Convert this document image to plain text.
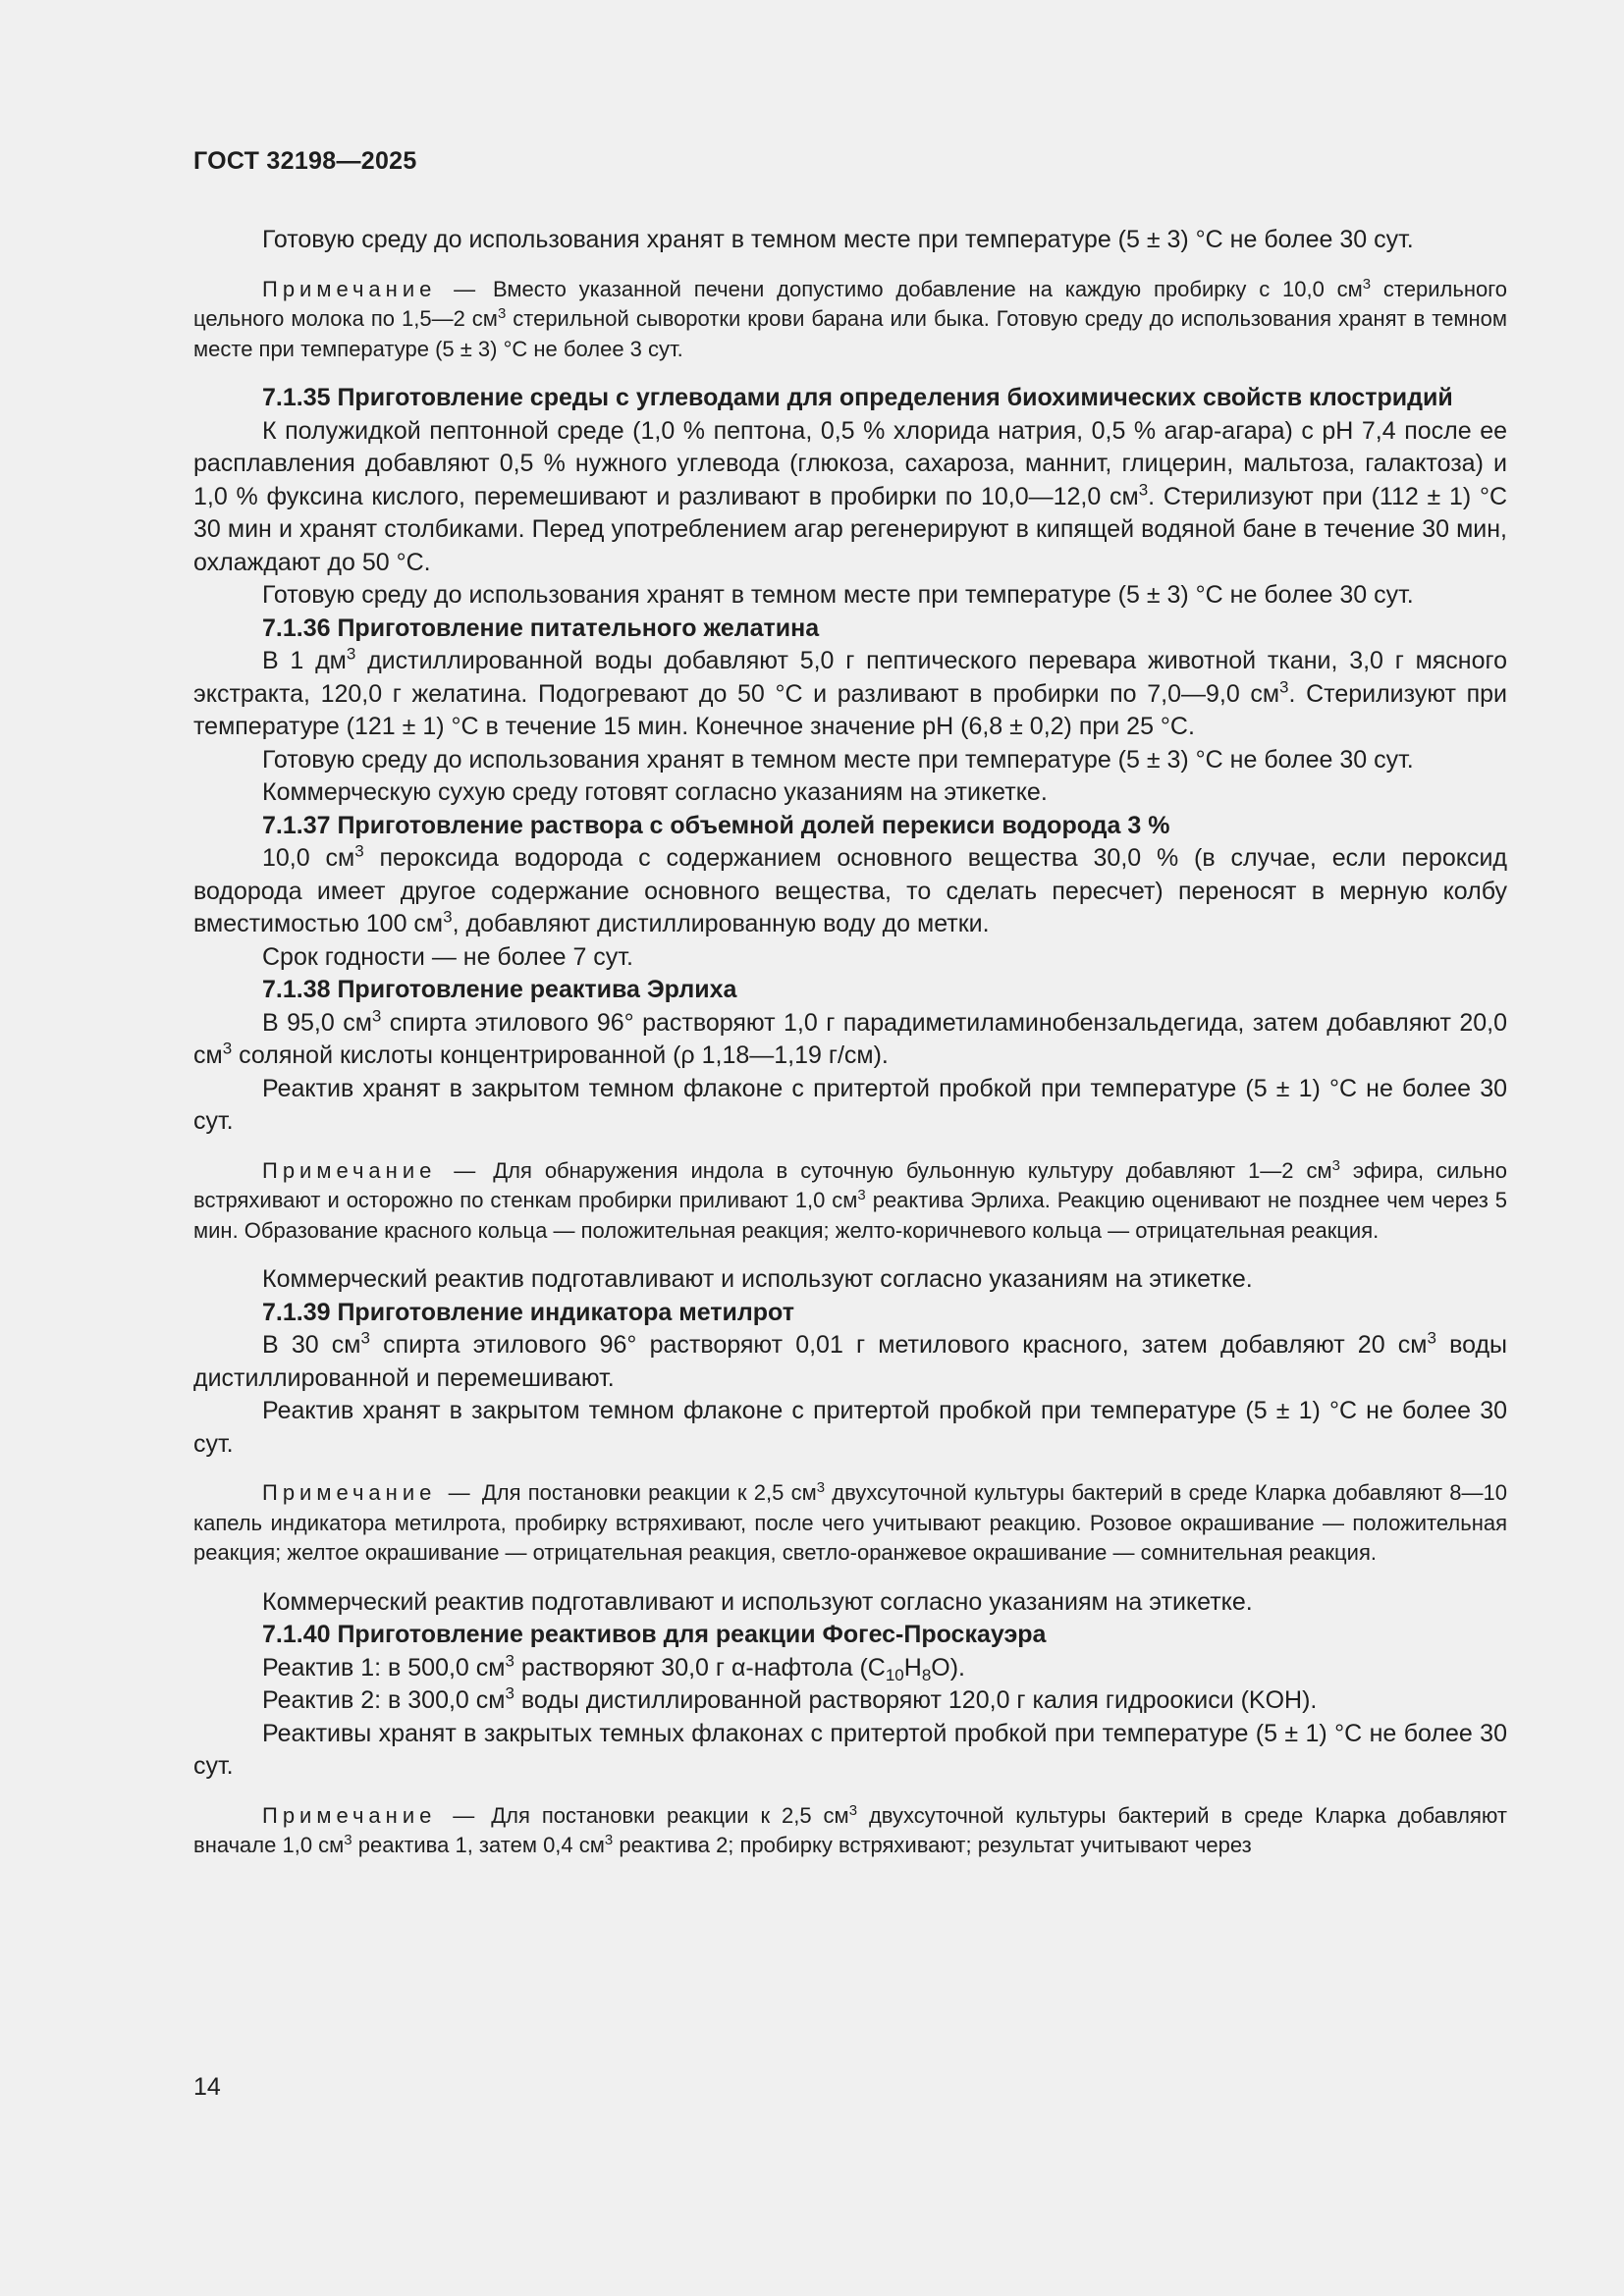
ГОСТ 32198—2025

Готовую среду до использования хранят в темном месте при температуре (5 ± 3) °С не более 30 сут.

Примечание — Вместо указанной печени допустимо добавление на каждую пробирку с 10,0 $см^3$ стерильного цельного молока по 1,5—2 $см^3$ стерильной сыворотки крови барана или быка. Готовую среду до использования хранят в темном месте при температуре (5 ± 3) °С не более 3 сут.

7.1.35 Приготовление среды с углеводами для определения биохимических свойств клостридий

К полужидкой пептонной среде (1,0 % пептона, 0,5 % хлорида натрия, 0,5 % агар-агара) с рН 7,4 после ее расплавления добавляют 0,5 % нужного углевода (глюкоза, сахароза, маннит, глицерин, мальтоза, галактоза) и 1,0 % фуксина кислого, перемешивают и разливают в пробирки по 10,0—12,0 $см^3$. Стерилизуют при (112 ± 1) °С 30 мин и хранят столбиками. Перед употреблением агар регенерируют в кипящей водяной бане в течение 30 мин, охлаждают до 50 °С.

Готовую среду до использования хранят в темном месте при температуре (5 ± 3) °С не более 30 сут.

7.1.36 Приготовление питательного желатина

В 1 $дм^3$ дистиллированной воды добавляют 5,0 г пептического перевара животной ткани, 3,0 г мясного экстракта, 120,0 г желатина. Подогревают до 50 °С и разливают в пробирки по 7,0—9,0 $см^3$. Стерилизуют при температуре (121 ± 1) °С в течение 15 мин. Конечное значение рН (6,8 ± 0,2) при 25 °С.

Готовую среду до использования хранят в темном месте при температуре (5 ± 3) °С не более 30 сут.

Коммерческую сухую среду готовят согласно указаниям на этикетке.

7.1.37 Приготовление раствора с объемной долей перекиси водорода 3 %

10,0 $см^3$ пероксида водорода с содержанием основного вещества 30,0 % (в случае, если пероксид водорода имеет другое содержание основного вещества, то сделать пересчет) переносят в мерную колбу вместимостью 100 $см^3$, добавляют дистиллированную воду до метки.

Срок годности — не более 7 сут.

7.1.38 Приготовление реактива Эрлиха

В 95,0 $см^3$ спирта этилового 96° растворяют 1,0 г парадиметиламинобензальдегида, затем добавляют 20,0 $см^3$ соляной кислоты концентрированной (ρ 1,18—1,19 г/см).

Реактив хранят в закрытом темном флаконе с притертой пробкой при температуре (5 ± 1) °С не более 30 сут.

Примечание — Для обнаружения индола в суточную бульонную культуру добавляют 1—2 $см^3$ эфира, сильно встряхивают и осторожно по стенкам пробирки приливают 1,0 $см^3$ реактива Эрлиха. Реакцию оценивают не позднее чем через 5 мин. Образование красного кольца — положительная реакция; желто-коричневого кольца — отрицательная реакция.

Коммерческий реактив подготавливают и используют согласно указаниям на этикетке.

7.1.39 Приготовление индикатора метилрот

В 30 $см^3$ спирта этилового 96° растворяют 0,01 г метилового красного, затем добавляют 20 $см^3$ воды дистиллированной и перемешивают.

Реактив хранят в закрытом темном флаконе с притертой пробкой при температуре (5 ± 1) °С не более 30 сут.

Примечание — Для постановки реакции к 2,5 $см^3$ двухсуточной культуры бактерий в среде Кларка добавляют 8—10 капель индикатора метилрота, пробирку встряхивают, после чего учитывают реакцию. Розовое окрашивание — положительная реакция; желтое окрашивание — отрицательная реакция, светло-оранжевое окрашивание — сомнительная реакция.

Коммерческий реактив подготавливают и используют согласно указаниям на этикетке.

7.1.40 Приготовление реактивов для реакции Фогес-Проскауэра

Реактив 1: в 500,0 $см^3$ растворяют 30,0 г α-нафтола $(С_{10}Н_8О)$.

Реактив 2: в 300,0 $см^3$ воды дистиллированной растворяют 120,0 г калия гидроокиси (KOH).

Реактивы хранят в закрытых темных флаконах с притертой пробкой при температуре (5 ± 1) °С не более 30 сут.

Примечание — Для постановки реакции к 2,5 $см^3$ двухсуточной культуры бактерий в среде Кларка добавляют вначале 1,0 $см^3$ реактива 1, затем 0,4 $см^3$ реактива 2; пробирку встряхивают; результат учитывают через

14
